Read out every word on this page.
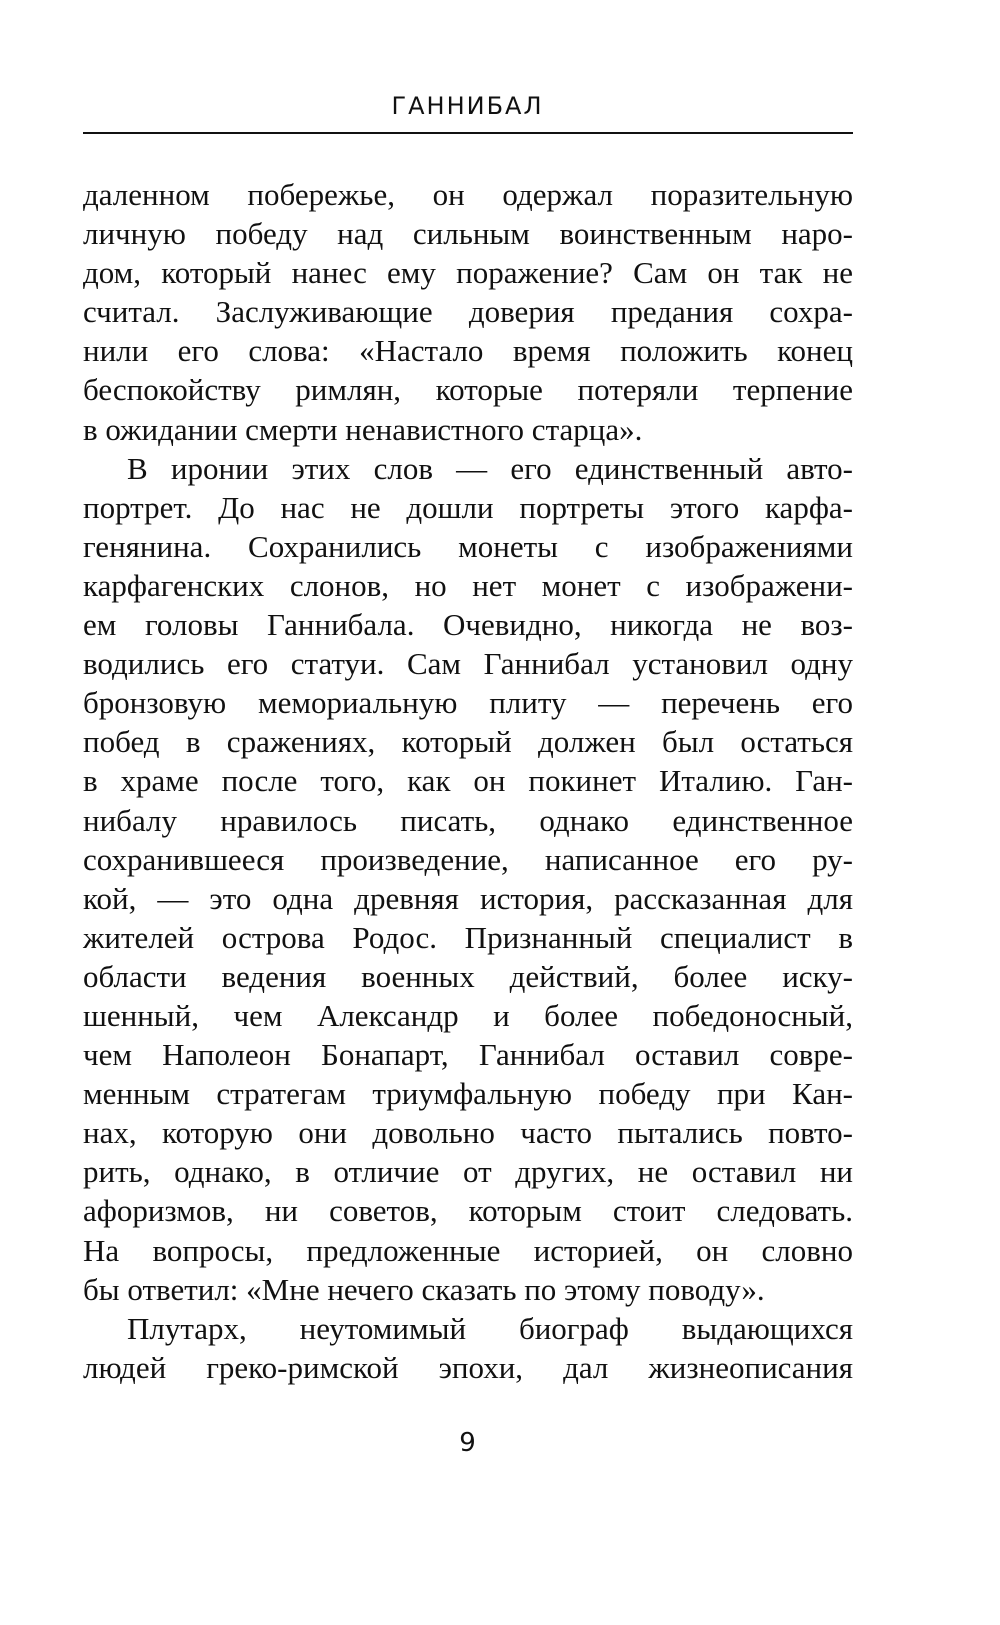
ГАННИБАЛ
даленном побережье, он одержал поразительную
личную победу над сильным воинственным наро-
дом, который нанес ему поражение? Сам он так не
считал. Заслуживающие доверия предания сохра-
нили его слова: «Настало время положить конец
беспокойству римлян, которые потеряли терпение
в ожидании смерти ненавистного старца».
В иронии этих слов — его единственный авто-
портрет. До нас не дошли портреты этого карфа-
генянина. Сохранились монеты с изображениями
карфагенских слонов, но нет монет с изображени-
ем головы Ганнибала. Очевидно, никогда не воз-
водились его статуи. Сам Ганнибал установил одну
бронзовую мемориальную плиту — перечень его
побед в сражениях, который должен был остаться
в храме после того, как он покинет Италию. Ган-
нибалу нравилось писать, однако единственное
сохранившееся произведение, написанное его ру-
кой, — это одна древняя история, рассказанная для
жителей острова Родос. Признанный специалист в
области ведения военных действий, более иску-
шенный, чем Александр и более победоносный,
чем Наполеон Бонапарт, Ганнибал оставил совре-
менным стратегам триумфальную победу при Кан-
нах, которую они довольно часто пытались повто-
рить, однако, в отличие от других, не оставил ни
афоризмов, ни советов, которым стоит следовать.
На вопросы, предложенные историей, он словно
бы ответил: «Мне нечего сказать по этому поводу».
Плутарх, неутомимый биограф выдающихся
людей греко-римской эпохи, дал жизнеописания
9
